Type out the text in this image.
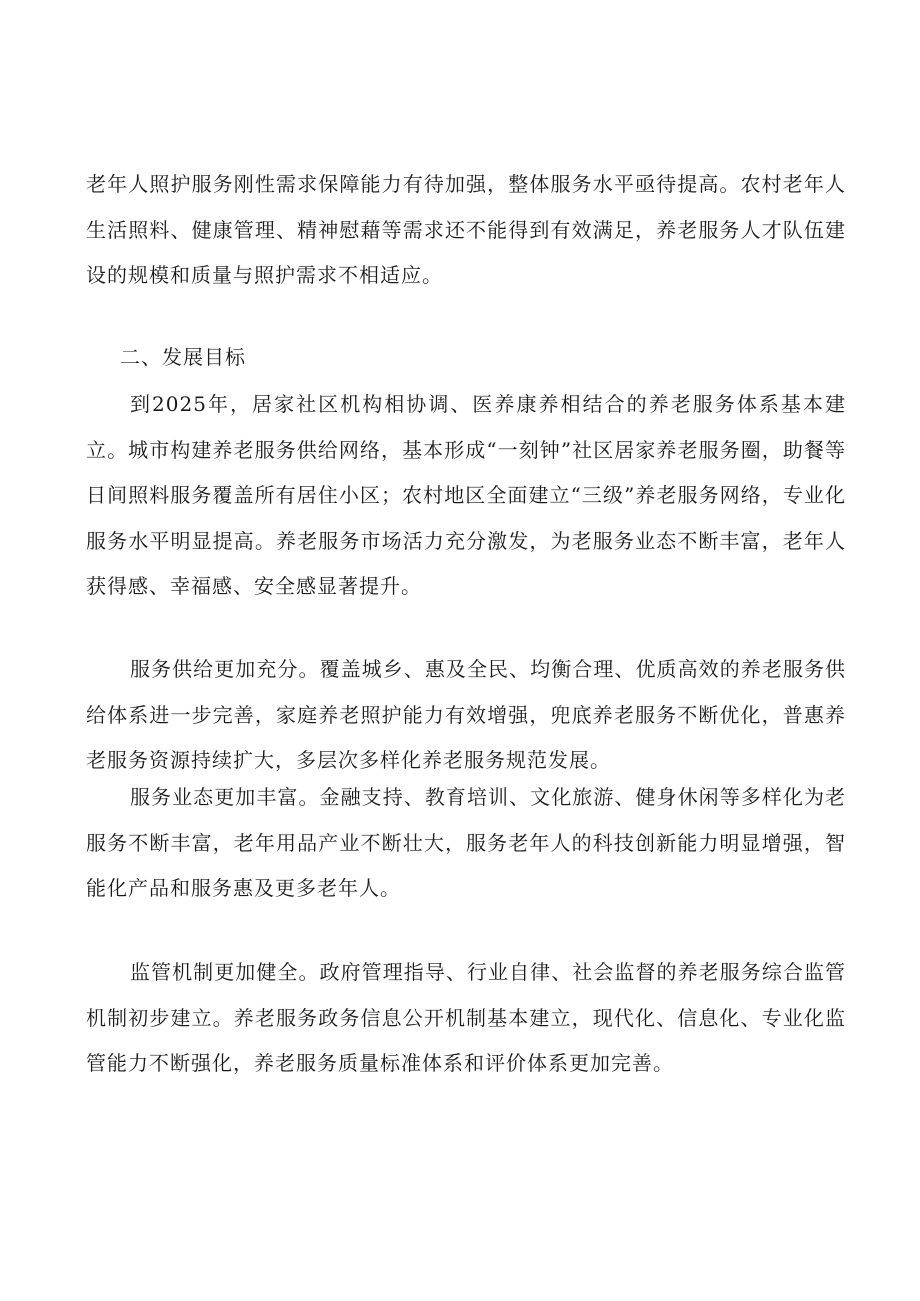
老年人照护服务刚性需求保障能力有待加强，整体服务水平亟待提高。农村老年人生活照料、健康管理、精神慰藉等需求还不能得到有效满足，养老服务人才队伍建设的规模和质量与照护需求不相适应。

二、发展目标

到2025年，居家社区机构相协调、医养康养相结合的养老服务体系基本建立。城市构建养老服务供给网络，基本形成“一刻钟”社区居家养老服务圈，助餐等日间照料服务覆盖所有居住小区；农村地区全面建立“三级”养老服务网络，专业化服务水平明显提高。养老服务市场活力充分激发，为老服务业态不断丰富，老年人获得感、幸福感、安全感显著提升。

服务供给更加充分。覆盖城乡、惠及全民、均衡合理、优质高效的养老服务供给体系进一步完善，家庭养老照护能力有效增强，兜底养老服务不断优化，普惠养老服务资源持续扩大，多层次多样化养老服务规范发展。

服务业态更加丰富。金融支持、教育培训、文化旅游、健身休闲等多样化为老服务不断丰富，老年用品产业不断壮大，服务老年人的科技创新能力明显增强，智能化产品和服务惠及更多老年人。

监管机制更加健全。政府管理指导、行业自律、社会监督的养老服务综合监管机制初步建立。养老服务政务信息公开机制基本建立，现代化、信息化、专业化监管能力不断强化，养老服务质量标准体系和评价体系更加完善。
